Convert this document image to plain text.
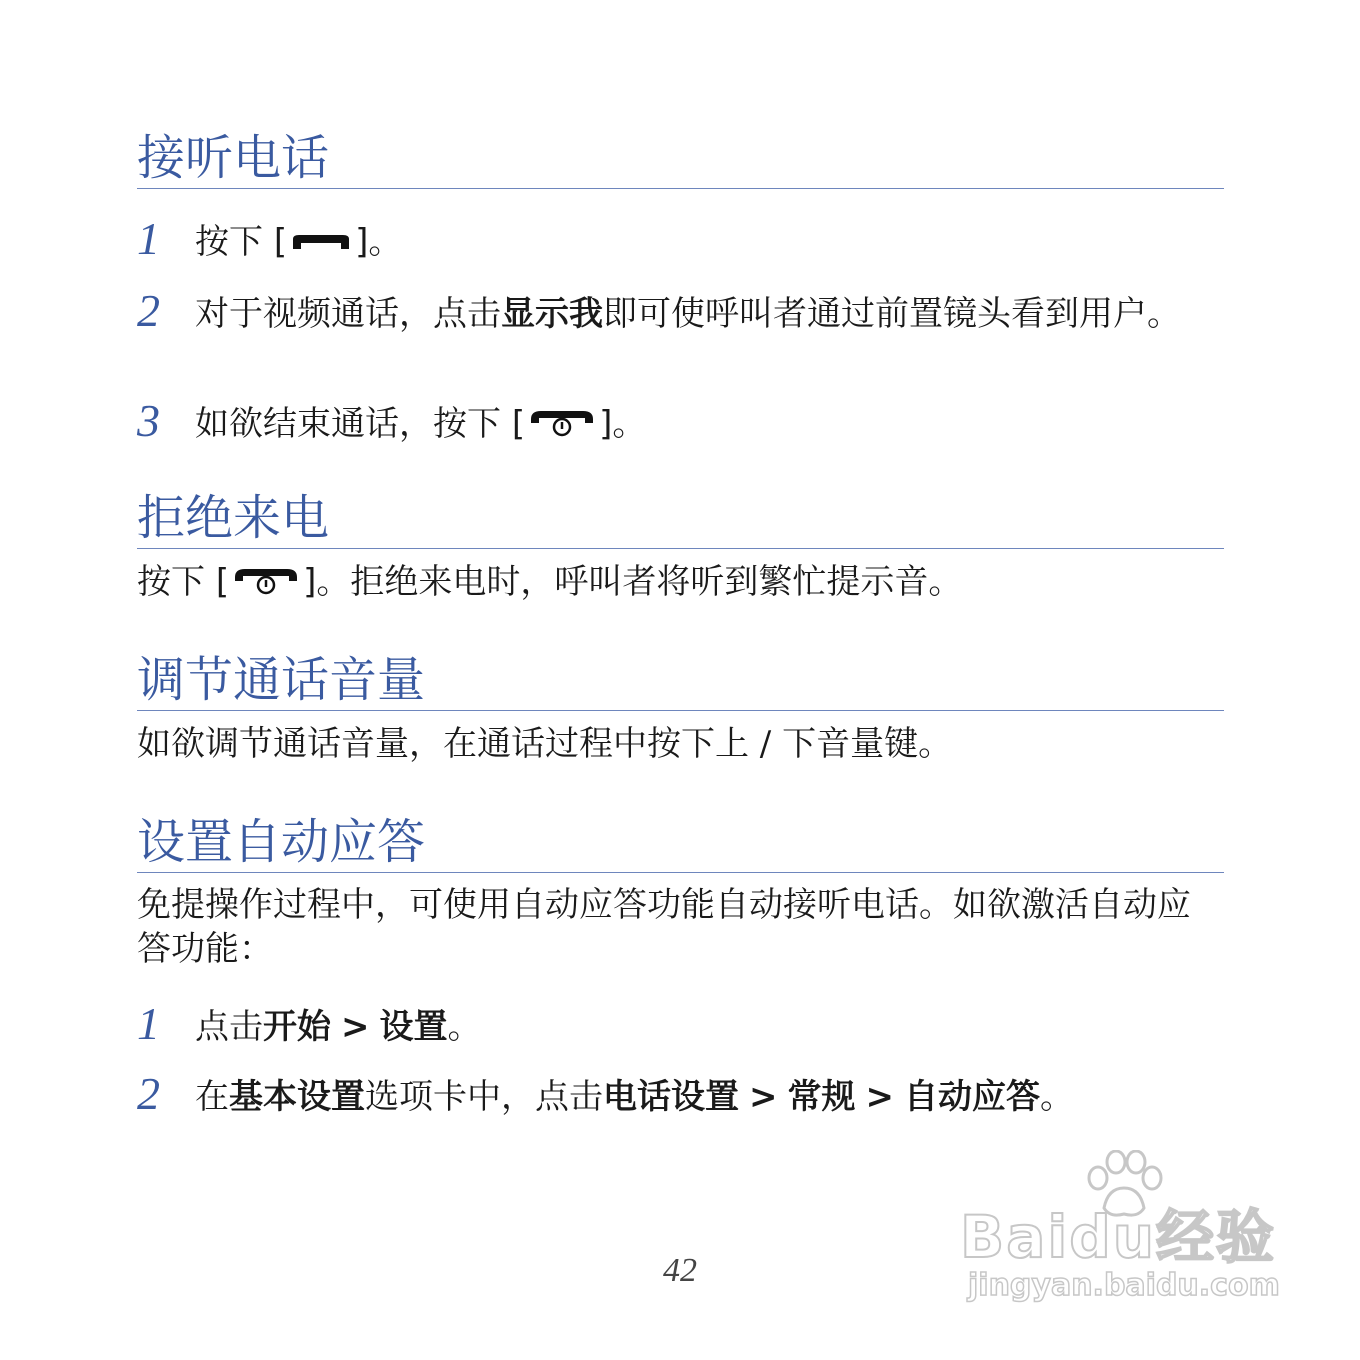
接听电话
1	按下 [ ]。
2	对于视频通话，点击显示我即可使呼叫者通过前置镜头看到用户。
3	如欲结束通话，按下 [ ]。
拒绝来电

按下 [ ]。拒绝来电时，呼叫者将听到繁忙提示音。

调节通话音量

如欲调节通话音量，在通话过程中按下上 / 下音量键。

设置自动应答

免提操作过程中，可使用自动应答功能自动接听电话。如欲激活自动应答功能：

1	点击开始 > 设置。
2	在基本设置选项卡中，点击电话设置 > 常规 > 自动应答。
Baidu经验
jingyan.baidu.com
42
